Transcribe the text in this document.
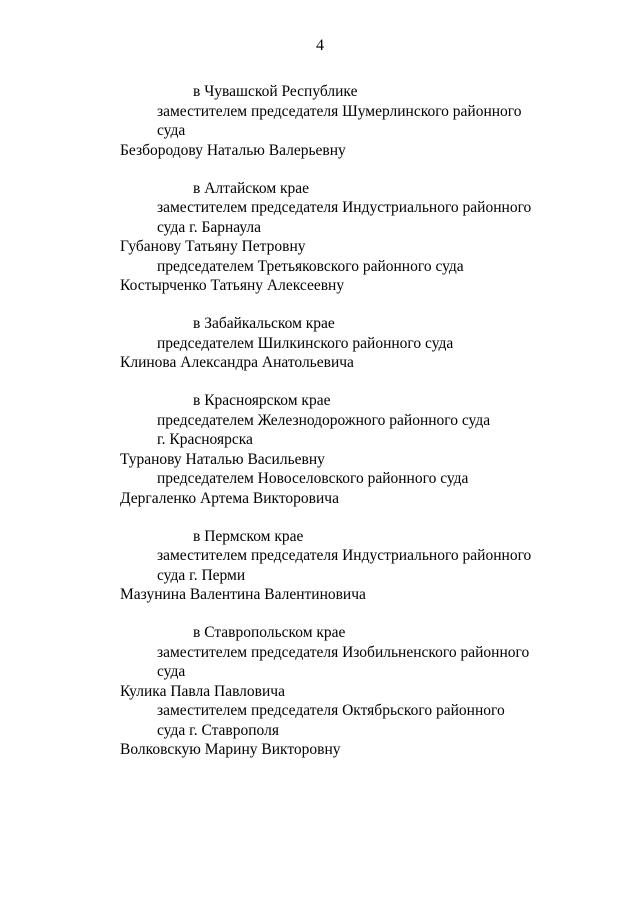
4
в Чувашской Республике
заместителем председателя Шумерлинского районного
суда
Безбородову Наталью Валерьевну
в Алтайском крае
заместителем председателя Индустриального районного
суда г. Барнаула
Губанову Татьяну Петровну
председателем Третьяковского районного суда
Костырченко Татьяну Алексеевну
в Забайкальском крае
председателем Шилкинского районного суда
Клинова Александра Анатольевича
в Красноярском крае
председателем Железнодорожного районного суда
г. Красноярска
Туранову Наталью Васильевну
председателем Новоселовского районного суда
Дергаленко Артема Викторовича
в Пермском крае
заместителем председателя Индустриального районного
суда г. Перми
Мазунина Валентина Валентиновича
в Ставропольском крае
заместителем председателя Изобильненского районного
суда
Кулика Павла Павловича
заместителем председателя Октябрьского районного
суда г. Ставрополя
Волковскую Марину Викторовну
